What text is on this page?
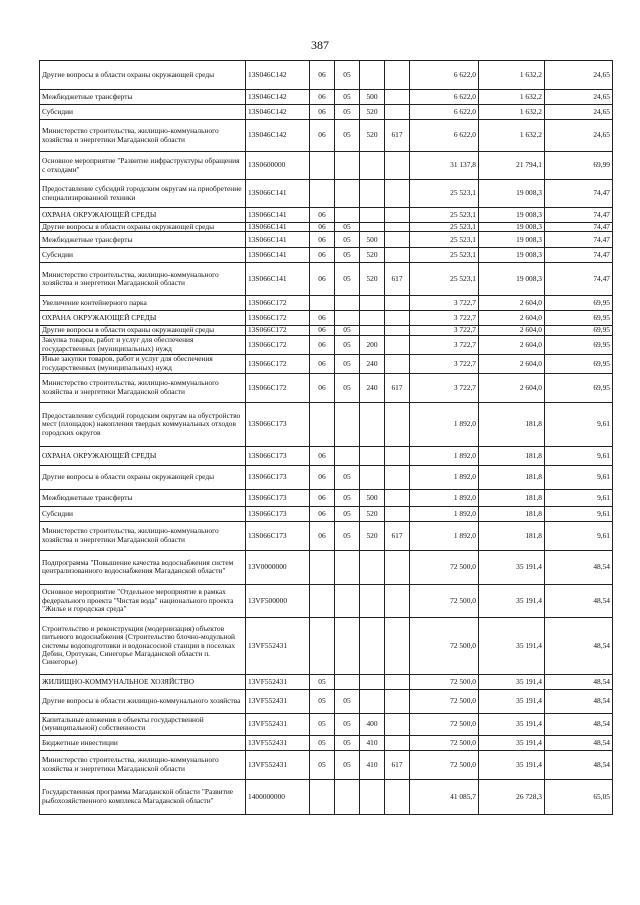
387
Другие вопросы в области охраны окружающей среды	13S046С142	06	05			6 622,0	1 632,2	24,65
Межбюджетные трансферты	13S046С142	06	05	500		6 622,0	1 632,2	24,65
Субсидии	13S046С142	06	05	520		6 622,0	1 632,2	24,65
Министерство строительства, жилищно-коммунального хозяйства и энергетики Магаданской области	13S046С142	06	05	520	617	6 622,0	1 632,2	24,65
Основное мероприятие "Развитие инфраструктуры обращения с отходами"	13S0600000					31 137,8	21 794,1	69,99
Предоставление субсидий городским округам на приобретение специализированной техники	13S066С141					25 523,1	19 008,3	74,47
ОХРАНА ОКРУЖАЮЩЕЙ СРЕДЫ	13S066С141	06				25 523,1	19 008,3	74,47
Другие вопросы в области охраны окружающей среды	13S066С141	06	05			25 523,1	19 008,3	74,47
Межбюджетные трансферты	13S066С141	06	05	500		25 523,1	19 008,3	74,47
Субсидии	13S066С141	06	05	520		25 523,1	19 008,3	74,47
Министерство строительства, жилищно-коммунального хозяйства и энергетики Магаданской области	13S066С141	06	05	520	617	25 523,1	19 008,3	74,47
Увеличение контейнерного парка	13S066С172					3 722,7	2 604,0	69,95
ОХРАНА ОКРУЖАЮЩЕЙ СРЕДЫ	13S066С172	06				3 722,7	2 604,0	69,95
Другие вопросы в области охраны окружающей среды	13S066С172	06	05			3 722,7	2 604,0	69,95
Закупка товаров, работ и услуг для обеспечения государственных (муниципальных) нужд	13S066С172	06	05	200		3 722,7	2 604,0	69,95
Иные закупки товаров, работ и услуг для обеспечения государственных (муниципальных) нужд	13S066С172	06	05	240		3 722,7	2 604,0	69,95
Министерство строительства, жилищно-коммунального хозяйства и энергетики Магаданской области	13S066С172	06	05	240	617	3 722,7	2 604,0	69,95
Предоставление субсидий городским округам на обустройство мест (площадок) накопления твердых коммунальных отходов городских округов	13S066С173					1 892,0	181,8	9,61
ОХРАНА ОКРУЖАЮЩЕЙ СРЕДЫ	13S066С173	06				1 892,0	181,8	9,61
Другие вопросы в области охраны окружающей среды	13S066С173	06	05			1 892,0	181,8	9,61
Межбюджетные трансферты	13S066С173	06	05	500		1 892,0	181,8	9,61
Субсидии	13S066С173	06	05	520		1 892,0	181,8	9,61
Министерство строительства, жилищно-коммунального хозяйства и энергетики Магаданской области	13S066С173	06	05	520	617	1 892,0	181,8	9,61
Подпрограмма "Повышение качества водоснабжения систем централизованного водоснабжения Магаданской области"	13V0000000					72 500,0	35 191,4	48,54
Основное мероприятие "Отдельное мероприятие в рамках федерального проекта "Чистая вода" национального проекта "Жилье и городская среда"	13VF500000					72 500,0	35 191,4	48,54
Строительство и реконструкция (модернизация) объектов питьевого водоснабжения (Строительство блочно-модульной системы водоподготовки и водонасосной станции в поселках Дебин, Оротукан, Синегорье Магаданской области п. Синегорье)	13VF552431					72 500,0	35 191,4	48,54
ЖИЛИЩНО-КОММУНАЛЬНОЕ ХОЗЯЙСТВО	13VF552431	05				72 500,0	35 191,4	48,54
Другие вопросы в области жилищно-коммунального хозяйства	13VF552431	05	05			72 500,0	35 191,4	48,54
Капитальные вложения в объекты государственной (муниципальной) собственности	13VF552431	05	05	400		72 500,0	35 191,4	48,54
Бюджетные инвестиции	13VF552431	05	05	410		72 500,0	35 191,4	48,54
Министерство строительства, жилищно-коммунального хозяйства и энергетики Магаданской области	13VF552431	05	05	410	617	72 500,0	35 191,4	48,54
Государственная программа Магаданской области "Развитие рыбохозяйственного комплекса Магаданской области"	1400000000					41 085,7	26 728,3	65,05
